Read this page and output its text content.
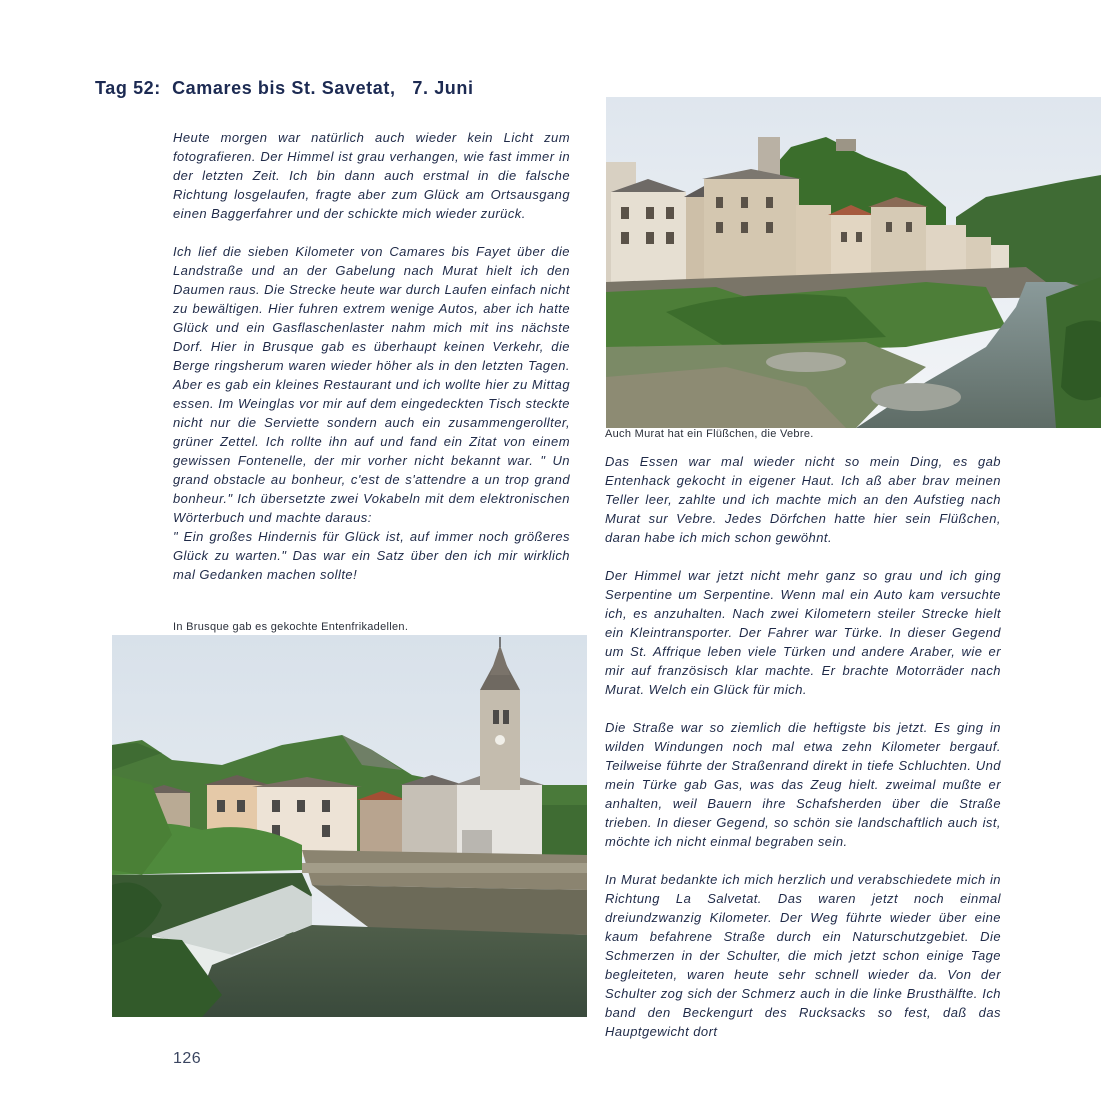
Tag 52:  Camares bis St. Savetat,   7. Juni

Heute morgen war natürlich auch wieder kein Licht zum fotografieren. Der Himmel ist grau verhangen, wie fast immer in der letzten Zeit. Ich bin dann auch erstmal in die falsche Richtung losgelaufen, fragte aber zum Glück am Ortsausgang einen Baggerfahrer und der schickte mich wieder zurück.

Ich lief die sieben Kilometer von Camares bis Fayet über die Landstraße und an der Gabelung nach Murat hielt ich den Daumen raus. Die Strecke heute war durch Laufen einfach nicht zu bewältigen. Hier fuhren extrem wenige Autos, aber ich hatte Glück und ein Gasflaschenlaster nahm mich mit ins nächste Dorf. Hier in Brusque gab es überhaupt keinen Verkehr, die Berge ringsherum waren wieder höher als in den letzten Tagen. Aber es gab ein kleines Restaurant und ich wollte hier zu Mittag essen. Im Weinglas vor mir auf dem eingedeckten Tisch steckte nicht nur die Serviette sondern auch ein zusammengerollter, grüner Zettel. Ich rollte ihn auf und fand ein Zitat von einem gewissen Fontenelle, der mir vorher nicht bekannt war. " Un grand obstacle au bonheur, c'est de s'attendre a un trop grand bonheur." Ich übersetzte zwei Vokabeln mit dem elektronischen Wörterbuch und machte daraus:

" Ein großes Hindernis für Glück ist, auf immer noch größeres Glück zu warten." Das war ein Satz über den ich mir wirklich mal Gedanken machen sollte!

Auch Murat hat ein Flüßchen, die Vebre.

Das Essen war mal wieder nicht so mein Ding, es gab Entenhack gekocht in eigener Haut. Ich aß aber brav meinen Teller leer, zahlte und ich machte mich an den Aufstieg nach Murat sur Vebre. Jedes Dörfchen hatte hier sein Flüßchen, daran habe ich mich schon gewöhnt.

Der Himmel war jetzt nicht mehr ganz so grau und ich ging Serpentine um Serpentine. Wenn mal ein Auto kam versuchte ich, es anzuhalten. Nach zwei Kilometern steiler Strecke hielt ein Kleintransporter. Der Fahrer war Türke. In dieser Gegend um St. Affrique leben viele Türken und andere Araber, wie er mir auf französisch klar machte. Er brachte Motorräder nach Murat. Welch ein Glück für mich.

Die Straße war so ziemlich die heftigste bis jetzt. Es ging in wilden Windungen noch mal etwa zehn Kilometer bergauf. Teilweise führte der Straßenrand direkt in tiefe Schluchten. Und mein Türke gab Gas, was das Zeug hielt. zweimal mußte er anhalten, weil Bauern ihre Schafsherden über die Straße trieben. In dieser Gegend, so schön sie landschaftlich auch ist, möchte ich nicht einmal begraben sein.

In Murat bedankte ich mich herzlich und verabschiedete mich in Richtung La Salvetat. Das waren jetzt noch einmal dreiundzwanzig Kilometer. Der Weg führte wieder über eine kaum befahrene Straße durch ein Naturschutzgebiet. Die Schmerzen in der Schulter, die mich jetzt schon einige Tage begleiteten, waren heute sehr schnell wieder da. Von der Schulter zog sich der Schmerz auch in die linke Brusthälfte. Ich band den Beckengurt des Rucksacks so fest, daß das Hauptgewicht dort

In Brusque gab es gekochte Entenfrikadellen.

126
